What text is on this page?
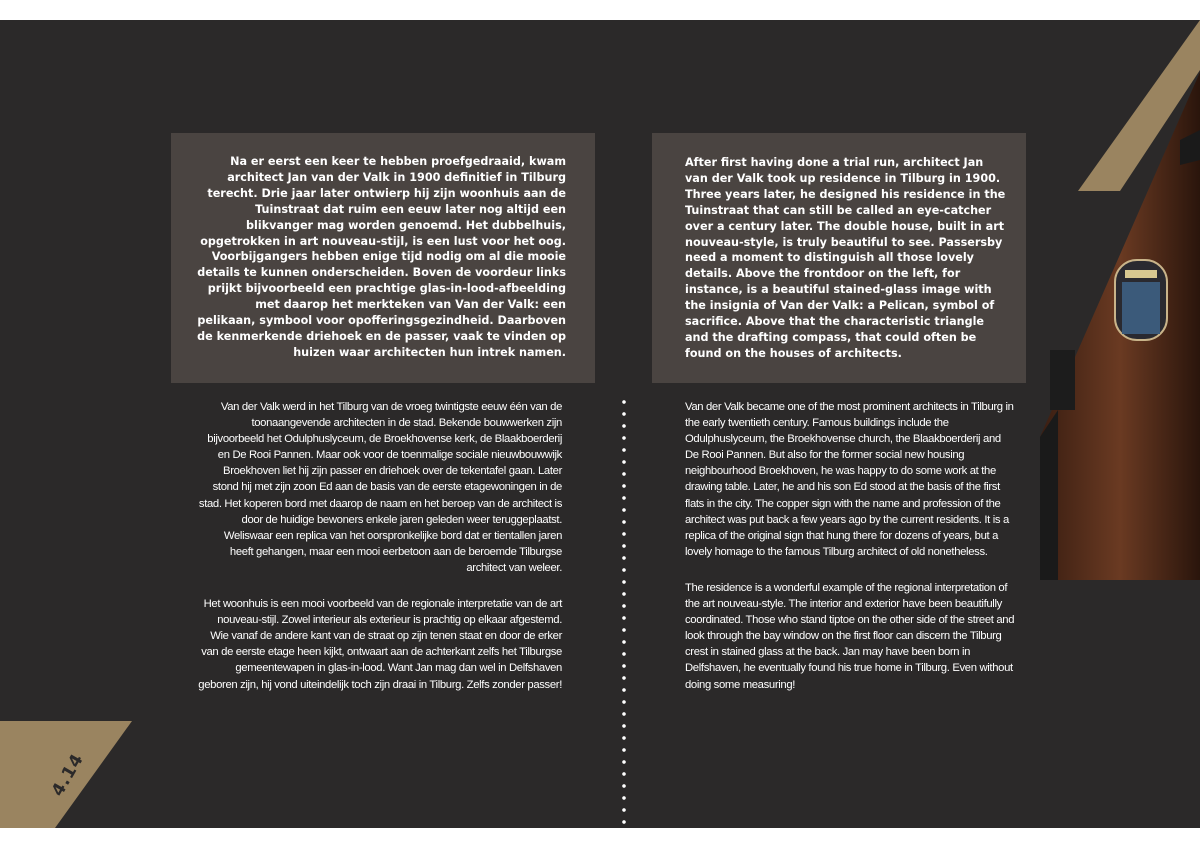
4.14
Na er eerst een keer te hebben proefgedraaid, kwam architect Jan van der Valk in 1900 definitief in Tilburg terecht. Drie jaar later ontwierp hij zijn woonhuis aan de Tuinstraat dat ruim een eeuw later nog altijd een blikvanger mag worden genoemd. Het dubbelhuis, opgetrokken in art nouveau-stijl, is een lust voor het oog. Voorbijgangers hebben enige tijd nodig om al die mooie details te kunnen onderscheiden. Boven de voordeur links prijkt bijvoorbeeld een prachtige glas-in-lood-afbeelding met daarop het merkteken van Van der Valk: een pelikaan, symbool voor opofferingsgezindheid. Daarboven de kenmerkende driehoek en de passer, vaak te vinden op huizen waar architecten hun intrek namen.
After first having done a trial run, architect Jan van der Valk took up residence in Tilburg in 1900. Three years later, he designed his residence in the Tuinstraat that can still be called an eye-catcher over a century later. The double house, built in art nouveau-style, is truly beautiful to see. Passersby need a moment to distinguish all those lovely details. Above the frontdoor on the left, for instance, is a beautiful stained-glass image with the insignia of Van der Valk: a Pelican, symbol of sacrifice. Above that the characteristic triangle and the drafting compass, that could often be found on the houses of architects.

Van der Valk werd in het Tilburg van de vroeg twintigste eeuw één van de toonaangevende architecten in de stad. Bekende bouwwerken zijn bijvoorbeeld het Odulphuslyceum, de Broekhovense kerk, de Blaakboerderij en De Rooi Pannen. Maar ook voor de toenmalige sociale nieuwbouwwijk Broekhoven liet hij zijn passer en driehoek over de tekentafel gaan. Later stond hij met zijn zoon Ed aan de basis van de eerste etagewoningen in de stad. Het koperen bord met daarop de naam en het beroep van de architect is door de huidige bewoners enkele jaren geleden weer teruggeplaatst. Weliswaar een replica van het oorspronkelijke bord dat er tientallen jaren heeft gehangen, maar een mooi eerbetoon aan de beroemde Tilburgse architect van weleer.

Het woonhuis is een mooi voorbeeld van de regionale interpretatie van de art nouveau-stijl. Zowel interieur als exterieur is prachtig op elkaar afgestemd. Wie vanaf de andere kant van de straat op zijn tenen staat en door de erker van de eerste etage heen kijkt, ontwaart aan de achterkant zelfs het Tilburgse gemeentewapen in glas-in-lood. Want Jan mag dan wel in Delfshaven geboren zijn, hij vond uiteindelijk toch zijn draai in Tilburg. Zelfs zonder passer!

Van der Valk became one of the most prominent architects in Tilburg in the early twentieth century. Famous buildings include the Odulphuslyceum, the Broekhovense church, the Blaakboerderij and De Rooi Pannen. But also for the former social new housing neighbourhood Broekhoven, he was happy to do some work at the drawing table. Later, he and his son Ed stood at the basis of the first flats in the city. The copper sign with the name and profession of the architect was put back a few years ago by the current residents. It is a replica of the original sign that hung there for dozens of years, but a lovely homage to the famous Tilburg architect of old nonetheless.

The residence is a wonderful example of the regional interpretation of the art nouveau-style. The interior and exterior have been beautifully coordinated. Those who stand tiptoe on the other side of the street and look through the bay window on the first floor can discern the Tilburg crest in stained glass at the back. Jan may have been born in Delfshaven, he eventually found his true home in Tilburg. Even without doing some measuring!
